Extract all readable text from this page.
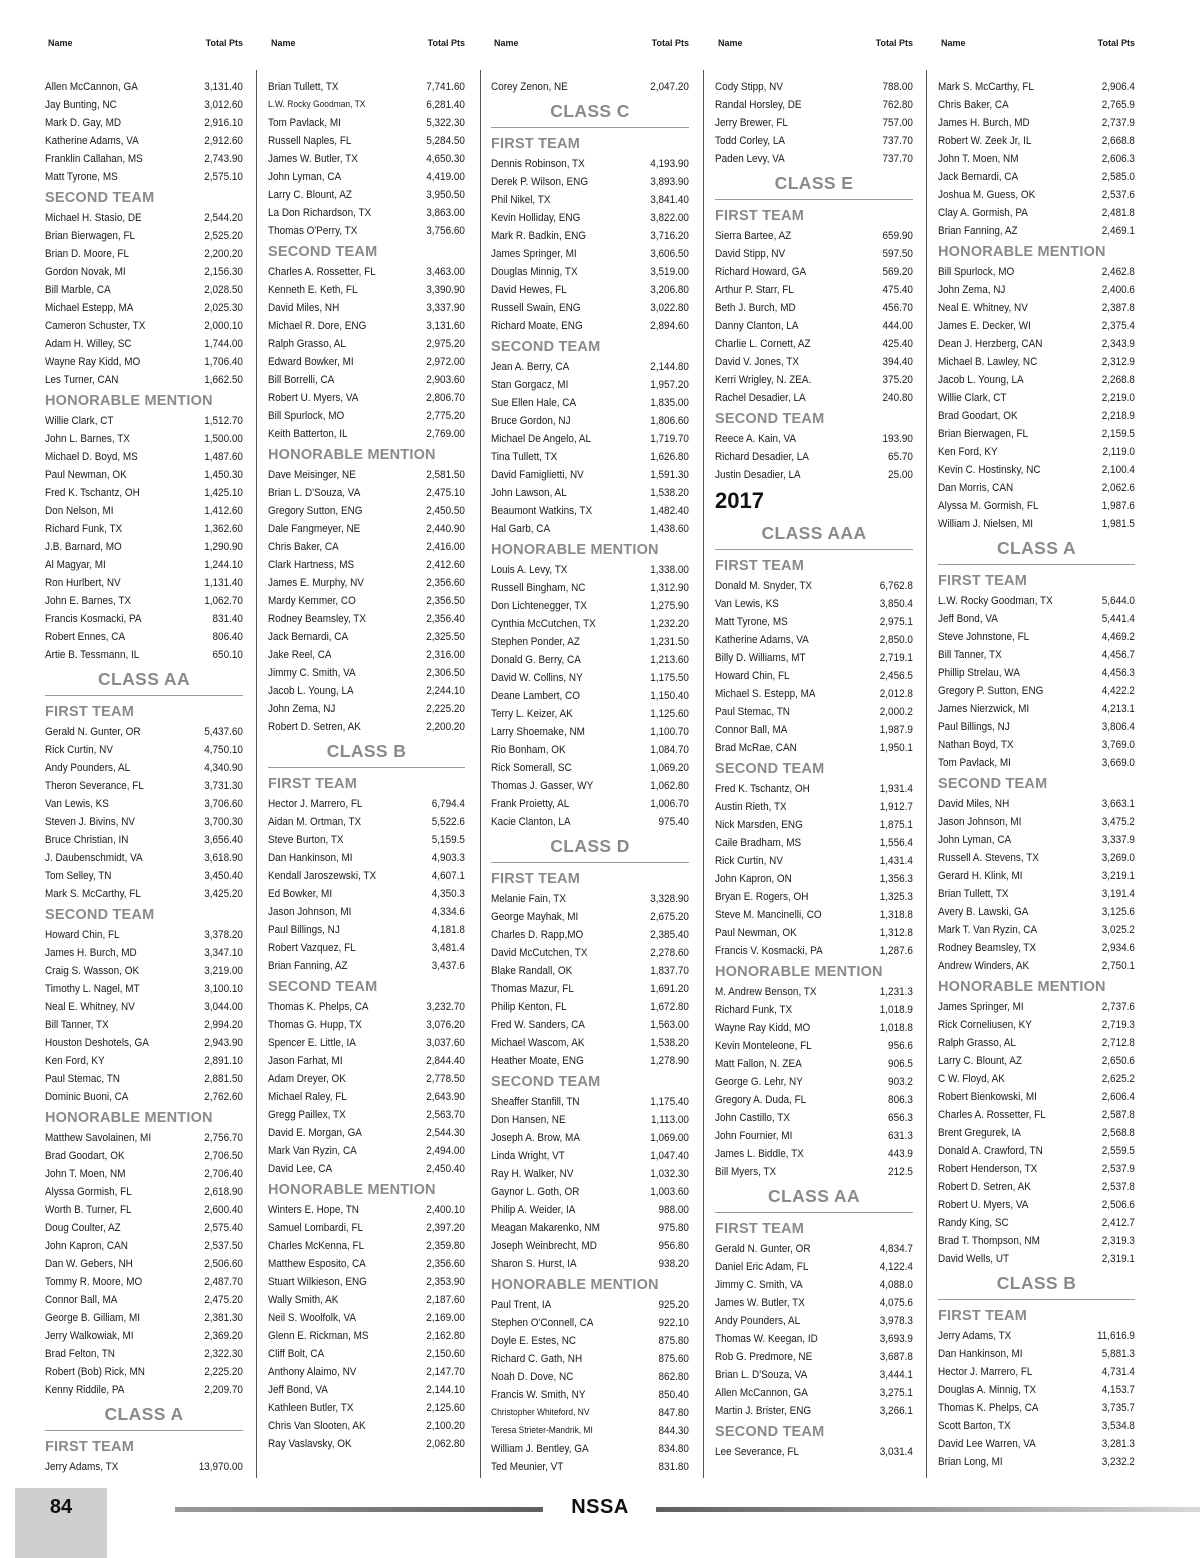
Name	Total Pts
Allen McCannon, GA	3,131.40
Jay Bunting, NC	3,012.60
Mark D. Gay, MD	2,916.10
Katherine Adams, VA	2,912.60
Franklin Callahan, MS	2,743.90
Matt Tyrone, MS	2,575.10
SECOND TEAM
Michael H. Stasio, DE	2,544.20
Brian Bierwagen, FL	2,525.20
Brian D. Moore, FL	2,200.20
Gordon Novak, MI	2,156.30
Bill Marble, CA	2,028.50
Michael Estepp, MA	2,025.30
Cameron Schuster, TX	2,000.10
Adam H. Willey, SC	1,744.00
Wayne Ray Kidd, MO	1,706.40
Les Turner, CAN	1,662.50
HONORABLE MENTION
Willie Clark, CT	1,512.70
John L. Barnes, TX	1,500.00
Michael D. Boyd, MS	1,487.60
Paul Newman, OK	1,450.30
Fred K. Tschantz, OH	1,425.10
Don Nelson, MI	1,412.60
Richard Funk, TX	1,362.60
J.B. Barnard, MO	1,290.90
Al Magyar, MI	1,244.10
Ron Hurlbert, NV	1,131.40
John E. Barnes, TX	1,062.70
Francis Kosmacki, PA	831.40
Robert Ennes, CA	806.40
Artie B. Tessmann, IL	650.10
CLASS AA
FIRST TEAM
Gerald N. Gunter, OR	5,437.60
Rick Curtin, NV	4,750.10
Andy Pounders, AL	4,340.90
Theron Severance, FL	3,731.30
Van Lewis, KS	3,706.60
Steven J. Bivins, NV	3,700.30
Bruce Christian, IN	3,656.40
J. Daubenschmidt, VA	3,618.90
Tom Selley, TN	3,450.40
Mark S. McCarthy, FL	3,425.20
SECOND TEAM
Howard Chin, FL	3,378.20
James H. Burch, MD	3,347.10
Craig S. Wasson, OK	3,219.00
Timothy L. Nagel, MT	3,100.10
Neal E. Whitney, NV	3,044.00
Bill Tanner, TX	2,994.20
Houston Deshotels, GA	2,943.90
Ken Ford, KY	2,891.10
Paul Stemac, TN	2,881.50
Dominic Buoni, CA	2,762.60
HONORABLE MENTION
Matthew Savolainen, MI	2,756.70
Brad Goodart, OK	2,706.50
John T. Moen, NM	2,706.40
Alyssa Gormish, FL	2,618.90
Worth B. Turner, FL	2,600.40
Doug Coulter, AZ	2,575.40
John Kapron, CAN	2,537.50
Dan W. Gebers, NH	2,506.60
Tommy R. Moore, MO	2,487.70
Connor Ball, MA	2,475.20
George B. Gilliam, MI	2,381.30
Jerry Walkowiak, MI	2,369.20
Brad Felton, TN	2,322.30
Robert (Bob) Rick, MN	2,225.20
Kenny Riddile, PA	2,209.70
CLASS A
FIRST TEAM
Jerry Adams, TX	13,970.00
Name	Total Pts
Brian Tullett, TX	7,741.60
L.W. Rocky Goodman, TX	6,281.40
Tom Pavlack, MI	5,322.30
Russell Naples, FL	5,284.50
James W. Butler, TX	4,650.30
John Lyman, CA	4,419.00
Larry C. Blount, AZ	3,950.50
La Don Richardson, TX	3,863.00
Thomas O'Perry, TX	3,756.60
SECOND TEAM
Charles A. Rossetter, FL	3,463.00
Kenneth E. Keth, FL	3,390.90
David Miles, NH	3,337.90
Michael R. Dore, ENG	3,131.60
Ralph Grasso, AL	2,975.20
Edward Bowker, MI	2,972.00
Bill Borrelli, CA	2,903.60
Robert U. Myers, VA	2,806.70
Bill Spurlock, MO	2,775.20
Keith Batterton, IL	2,769.00
HONORABLE MENTION
Dave Meisinger, NE	2,581.50
Brian L. D'Souza, VA	2,475.10
Gregory Sutton, ENG	2,450.50
Dale Fangmeyer, NE	2,440.90
Chris Baker, CA	2,416.00
Clark Hartness, MS	2,412.60
James E. Murphy, NV	2,356.60
Mardy Kemmer, CO	2,356.50
Rodney Beamsley, TX	2,356.40
Jack Bernardi, CA	2,325.50
Jake Reel, CA	2,316.00
Jimmy C. Smith, VA	2,306.50
Jacob L. Young, LA	2,244.10
John Zema, NJ	2,225.20
Robert D. Setren, AK	2,200.20
CLASS B
FIRST TEAM
Hector J. Marrero, FL	6,794.4
Aidan M. Ortman, TX	5,522.6
Steve Burton, TX	5,159.5
Dan Hankinson, MI	4,903.3
Kendall Jaroszewski, TX	4,607.1
Ed Bowker, MI	4,350.3
Jason Johnson, MI	4,334.6
Paul Billings, NJ	4,181.8
Robert Vazquez, FL	3,481.4
Brian Fanning, AZ	3,437.6
SECOND TEAM
Thomas K. Phelps, CA	3,232.70
Thomas G. Hupp, TX	3,076.20
Spencer E. Little, IA	3,037.60
Jason Farhat, MI	2,844.40
Adam Dreyer, OK	2,778.50
Michael Raley, FL	2,643.90
Gregg Paillex, TX	2,563.70
David E. Morgan, GA	2,544.30
Mark Van Ryzin, CA	2,494.00
David Lee, CA	2,450.40
HONORABLE MENTION
Winters E. Hope, TN	2,400.10
Samuel Lombardi, FL	2,397.20
Charles McKenna, FL	2,359.80
Matthew Esposito, CA	2,356.60
Stuart Wilkieson, ENG	2,353.90
Wally Smith, AK	2,187.60
Neil S. Woolfolk, VA	2,169.00
Glenn E. Rickman, MS	2,162.80
Cliff Bolt, CA	2,150.60
Anthony Alaimo, NV	2,147.70
Jeff Bond, VA	2,144.10
Kathleen Butler, TX	2,125.60
Chris Van Slooten, AK	2,100.20
Ray Vaslavsky, OK	2,062.80
Name	Total Pts
Corey Zenon, NE	2,047.20
CLASS C
FIRST TEAM
Dennis Robinson, TX	4,193.90
Derek P. Wilson, ENG	3,893.90
Phil Nikel, TX	3,841.40
Kevin Holliday, ENG	3,822.00
Mark R. Badkin, ENG	3,716.20
James Springer, MI	3,606.50
Douglas Minnig, TX	3,519.00
David Hewes, FL	3,206.80
Russell Swain, ENG	3,022.80
Richard Moate, ENG	2,894.60
SECOND TEAM
Jean A. Berry, CA	2,144.80
Stan Gorgacz, MI	1,957.20
Sue Ellen Hale, CA	1,835.00
Bruce Gordon, NJ	1,806.60
Michael De Angelo, AL	1,719.70
Tina Tullett, TX	1,626.80
David Famiglietti, NV	1,591.30
John Lawson, AL	1,538.20
Beaumont Watkins, TX	1,482.40
Hal Garb, CA	1,438.60
HONORABLE MENTION
Louis A. Levy, TX	1,338.00
Russell Bingham, NC	1,312.90
Don Lichtenegger, TX	1,275.90
Cynthia McCutchen, TX	1,232.20
Stephen Ponder, AZ	1,231.50
Donald G. Berry, CA	1,213.60
David W. Collins, NY	1,175.50
Deane Lambert, CO	1,150.40
Terry L. Keizer, AK	1,125.60
Larry Shoemake, NM	1,100.70
Rio Bonham, OK	1,084.70
Rick Somerall, SC	1,069.20
Thomas J. Gasser, WY	1,062.80
Frank Proietty, AL	1,006.70
Kacie Clanton, LA	975.40
CLASS D
FIRST TEAM
Melanie Fain, TX	3,328.90
George Mayhak, MI	2,675.20
Charles D. Rapp,MO	2,385.40
David McCutchen, TX	2,278.60
Blake Randall, OK	1,837.70
Thomas Mazur, FL	1,691.20
Philip Kenton, FL	1,672.80
Fred W. Sanders, CA	1,563.00
Michael Wascom, AK	1,538.20
Heather Moate, ENG	1,278.90
SECOND TEAM
Sheaffer Stanfill, TN	1,175.40
Don Hansen, NE	1,113.00
Joseph A. Brow, MA	1,069.00
Linda Wright, VT	1,047.40
Ray H. Walker, NV	1,032.30
Gaynor L. Goth, OR	1,003.60
Philip A. Weider, IA	988.00
Meagan Makarenko, NM	975.80
Joseph Weinbrecht, MD	956.80
Sharon S. Hurst, IA	938.20
HONORABLE MENTION
Paul Trent, IA	925.20
Stephen O'Connell, CA	922.10
Doyle E. Estes, NC	875.80
Richard C. Gath, NH	875.60
Noah D. Dove, NC	862.80
Francis W. Smith, NY	850.40
Christopher Whiteford, NV	847.80
Teresa Strieter-Mandrik, MI	844.30
William J. Bentley, GA	834.80
Ted Meunier, VT	831.80
Name	Total Pts
Cody Stipp, NV	788.00
Randal Horsley, DE	762.80
Jerry Brewer, FL	757.00
Todd Corley, LA	737.70
Paden Levy, VA	737.70
CLASS E
FIRST TEAM
Sierra Bartee, AZ	659.90
David Stipp, NV	597.50
Richard Howard, GA	569.20
Arthur P. Starr, FL	475.40
Beth J. Burch, MD	456.70
Danny Clanton, LA	444.00
Charlie L. Cornett, AZ	425.40
David V. Jones, TX	394.40
Kerri Wrigley, N. ZEA.	375.20
Rachel Desadier, LA	240.80
SECOND TEAM
Reece A. Kain, VA	193.90
Richard Desadier, LA	65.70
Justin Desadier, LA	25.00
2017
CLASS AAA
FIRST TEAM
Donald M. Snyder, TX	6,762.8
Van Lewis, KS	3,850.4
Matt Tyrone, MS	2,975.1
Katherine Adams, VA	2,850.0
Billy D. Williams, MT	2,719.1
Howard Chin, FL	2,456.5
Michael S. Estepp, MA	2,012.8
Paul Stemac, TN	2,000.2
Connor Ball, MA	1,987.9
Brad McRae, CAN	1,950.1
SECOND TEAM
Fred K. Tschantz, OH	1,931.4
Austin Rieth, TX	1,912.7
Nick Marsden, ENG	1,875.1
Caile Bradham, MS	1,556.4
Rick Curtin, NV	1,431.4
John Kapron, ON	1,356.3
Bryan E. Rogers, OH	1,325.3
Steve M. Mancinelli, CO	1,318.8
Paul Newman, OK	1,312.8
Francis V. Kosmacki, PA	1,287.6
HONORABLE MENTION
M. Andrew Benson, TX	1,231.3
Richard Funk, TX	1,018.9
Wayne Ray Kidd, MO	1,018.8
Kevin Monteleone, FL	956.6
Matt Fallon, N. ZEA	906.5
George G. Lehr, NY	903.2
Gregory A. Duda, FL	806.3
John Castillo, TX	656.3
John Fournier, MI	631.3
James L. Biddle, TX	443.9
Bill Myers, TX	212.5
CLASS AA
FIRST TEAM
Gerald N. Gunter, OR	4,834.7
Daniel Eric Adam, FL	4,122.4
Jimmy C. Smith, VA	4,088.0
James W. Butler, TX	4,075.6
Andy Pounders, AL	3,978.3
Thomas W. Keegan, ID	3,693.9
Rob G. Predmore, NE	3,687.8
Brian L. D'Souza, VA	3,444.1
Allen McCannon, GA	3,275.1
Martin J. Brister, ENG	3,266.1
SECOND TEAM
Lee Severance, FL	3,031.4
Name	Total Pts
Mark S. McCarthy, FL	2,906.4
Chris Baker, CA	2,765.9
James H. Burch, MD	2,737.9
Robert W. Zeek Jr, IL	2,668.8
John T. Moen, NM	2,606.3
Jack Bernardi, CA	2,585.0
Joshua M. Guess, OK	2,537.6
Clay A. Gormish, PA	2,481.8
Brian Fanning, AZ	2,469.1
HONORABLE MENTION
Bill Spurlock, MO	2,462.8
John Zema, NJ	2,400.6
Neal E. Whitney, NV	2,387.8
James E. Decker, WI	2,375.4
Dean J. Herzberg, CAN	2,343.9
Michael B. Lawley, NC	2,312.9
Jacob L. Young, LA	2,268.8
Willie Clark, CT	2,219.0
Brad Goodart, OK	2,218.9
Brian Bierwagen, FL	2,159.5
Ken Ford, KY	2,119.0
Kevin C. Hostinsky, NC	2,100.4
Dan Morris, CAN	2,062.6
Alyssa M. Gormish, FL	1,987.6
William J. Nielsen, MI	1,981.5
CLASS A
FIRST TEAM
L.W. Rocky Goodman, TX	5,644.0
Jeff Bond, VA	5,441.4
Steve Johnstone, FL	4,469.2
Bill Tanner, TX	4,456.7
Phillip Strelau, WA	4,456.3
Gregory P. Sutton, ENG	4,422.2
James Nierzwick, MI	4,213.1
Paul Billings, NJ	3,806.4
Nathan Boyd, TX	3,769.0
Tom Pavlack, MI	3,669.0
SECOND TEAM
David Miles, NH	3,663.1
Jason Johnson, MI	3,475.2
John Lyman, CA	3,337.9
Russell A. Stevens, TX	3,269.0
Gerard H. Klink, MI	3,219.1
Brian Tullett, TX	3,191.4
Avery B. Lawski, GA	3,125.6
Mark T. Van Ryzin, CA	3,025.2
Rodney Beamsley, TX	2,934.6
Andrew Winders, AK	2,750.1
HONORABLE MENTION
James Springer, MI	2,737.6
Rick Corneliusen, KY	2,719.3
Ralph Grasso, AL	2,712.8
Larry C. Blount, AZ	2,650.6
C W. Floyd, AK	2,625.2
Robert Bienkowski, MI	2,606.4
Charles A. Rossetter, FL	2,587.8
Brent Gregurek, IA	2,568.8
Donald A. Crawford, TN	2,559.5
Robert Henderson, TX	2,537.9
Robert D. Setren, AK	2,537.8
Robert U. Myers, VA	2,506.6
Randy King, SC	2,412.7
Brad T. Thompson, NM	2,319.3
David Wells, UT	2,319.1
CLASS B
FIRST TEAM
Jerry Adams, TX	11,616.9
Dan Hankinson, MI	5,881.3
Hector J. Marrero, FL	4,731.4
Douglas A. Minnig, TX	4,153.7
Thomas K. Phelps, CA	3,735.7
Scott Barton, TX	3,534.8
David Lee Warren, VA	3,281.3
Brian Long, MI	3,232.2
84	NSSA
